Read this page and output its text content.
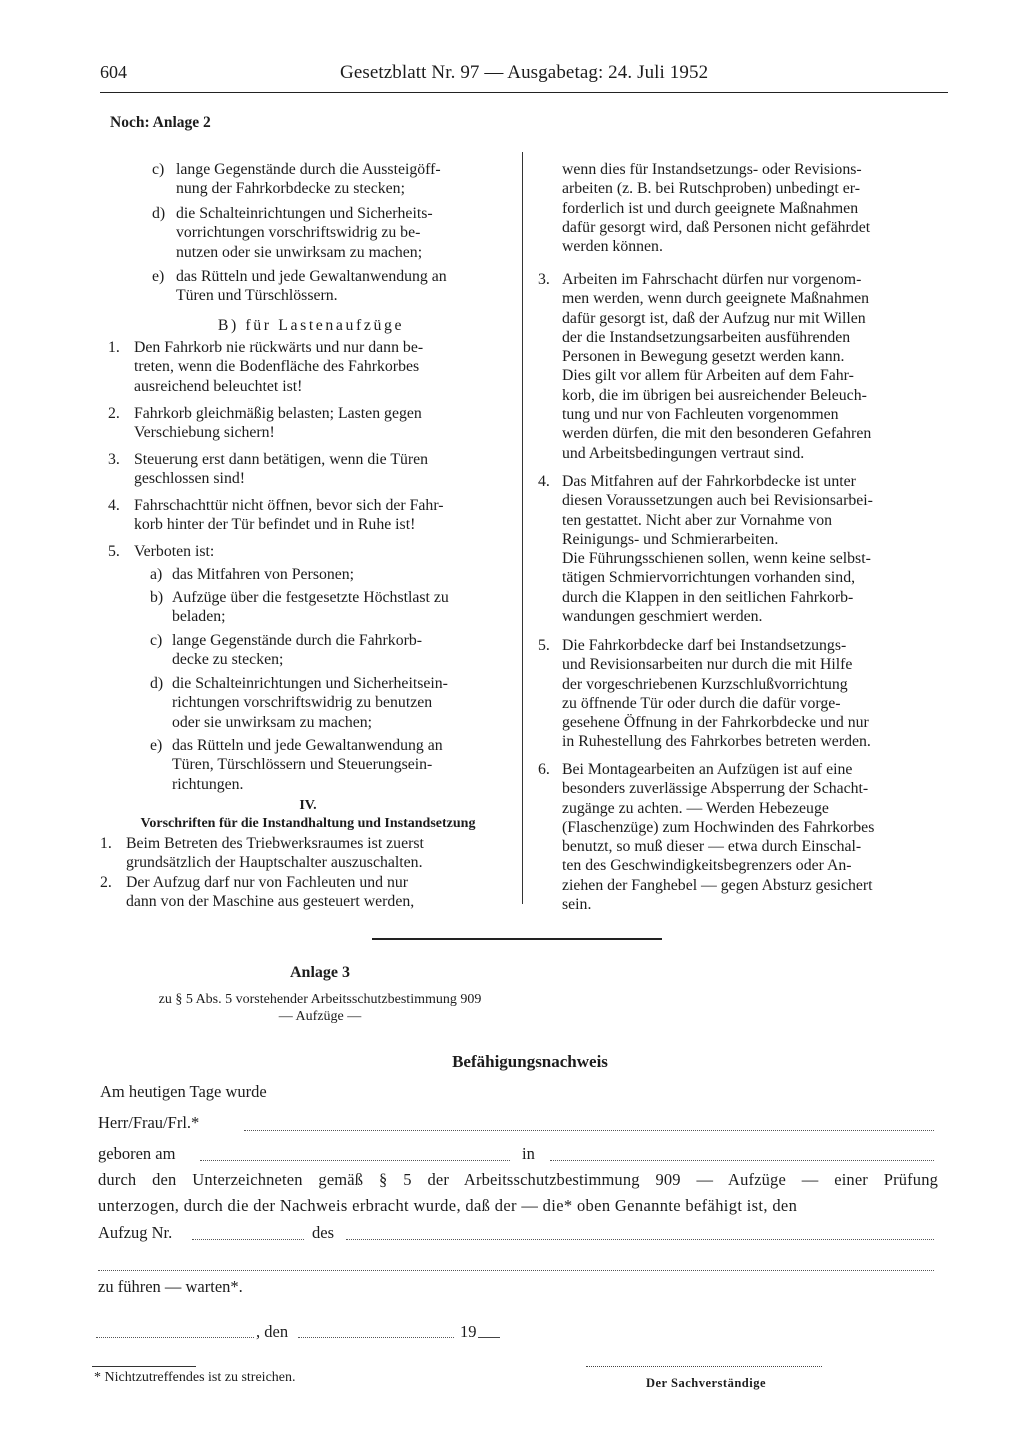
604	Gesetzblatt Nr. 97 — Ausgabetag: 24. Juli 1952
Noch: Anlage 2
c) lange Gegenstände durch die Aussteigöff-

nung der Fahrkorbdecke zu stecken;

d) die Schalteinrichtungen und Sicherheits-

vorrichtungen vorschriftswidrig zu be-

nutzen oder sie unwirksam zu machen;

e) das Rütteln und jede Gewaltanwendung an

Türen und Türschlössern.

B) für Lastenaufzüge
1. Den Fahrkorb nie rückwärts und nur dann be-

treten, wenn die Bodenfläche des Fahrkorbes

ausreichend beleuchtet ist!

2. Fahrkorb gleichmäßig belasten; Lasten gegen

Verschiebung sichern!

3. Steuerung erst dann betätigen, wenn die Türen

geschlossen sind!

4. Fahrschachttür nicht öffnen, bevor sich der Fahr-

korb hinter der Tür befindet und in Ruhe ist!

5. Verboten ist:

a) das Mitfahren von Personen;

b) Aufzüge über die festgesetzte Höchstlast zu

beladen;

c) lange Gegenstände durch die Fahrkorb-

decke zu stecken;

d) die Schalteinrichtungen und Sicherheitsein-

richtungen vorschriftswidrig zu benutzen

oder sie unwirksam zu machen;

e) das Rütteln und jede Gewaltanwendung an

Türen, Türschlössern und Steuerungsein-

richtungen.

IV.
Vorschriften für die Instandhaltung und Instandsetzung
1. Beim Betreten des Triebwerksraumes ist zuerst

grundsätzlich der Hauptschalter auszuschalten.

2. Der Aufzug darf nur von Fachleuten und nur

dann von der Maschine aus gesteuert werden,

wenn dies für Instandsetzungs- oder Revisions-

arbeiten (z. B. bei Rutschproben) unbedingt er-

forderlich ist und durch geeignete Maßnahmen

dafür gesorgt wird, daß Personen nicht gefährdet

werden können.

3. Arbeiten im Fahrschacht dürfen nur vorgenom-

men werden, wenn durch geeignete Maßnahmen

dafür gesorgt ist, daß der Aufzug nur mit Willen

der die Instandsetzungsarbeiten ausführenden

Personen in Bewegung gesetzt werden kann.

Dies gilt vor allem für Arbeiten auf dem Fahr-

korb, die im übrigen bei ausreichender Beleuch-

tung und nur von Fachleuten vorgenommen

werden dürfen, die mit den besonderen Gefahren

und Arbeitsbedingungen vertraut sind.

4. Das Mitfahren auf der Fahrkorbdecke ist unter

diesen Voraussetzungen auch bei Revisionsarbei-

ten gestattet. Nicht aber zur Vornahme von

Reinigungs- und Schmierarbeiten.

Die Führungsschienen sollen, wenn keine selbst-

tätigen Schmiervorrichtungen vorhanden sind,

durch die Klappen in den seitlichen Fahrkorb-

wandungen geschmiert werden.

5. Die Fahrkorbdecke darf bei Instandsetzungs-

und Revisionsarbeiten nur durch die mit Hilfe

der vorgeschriebenen Kurzschlußvorrichtung

zu öffnende Tür oder durch die dafür vorge-

gesehene Öffnung in der Fahrkorbdecke und nur

in Ruhestellung des Fahrkorbes betreten werden.

6. Bei Montagearbeiten an Aufzügen ist auf eine

besonders zuverlässige Absperrung der Schacht-

zugänge zu achten. — Werden Hebezeuge

(Flaschenzüge) zum Hochwinden des Fahrkorbes

benutzt, so muß dieser — etwa durch Einschal-

ten des Geschwindigkeitsbegrenzers oder An-

ziehen der Fanghebel — gegen Absturz gesichert

sein.

Anlage 3
zu § 5 Abs. 5 vorstehender Arbeitsschutzbestimmung 909
— Aufzüge —
Befähigungsnachweis
Am heutigen Tage wurde
Herr/Frau/Frl.*
geboren am	in
durch den Unterzeichneten gemäß § 5 der Arbeitsschutzbestimmung 909 — Aufzüge — einer Prüfung
unterzogen, durch die der Nachweis erbracht wurde, daß der — die* oben Genannte befähigt ist, den
Aufzug Nr.	des
zu führen — warten*.
, den	19
* Nichtzutreffendes ist zu streichen.	Der Sachverständige
